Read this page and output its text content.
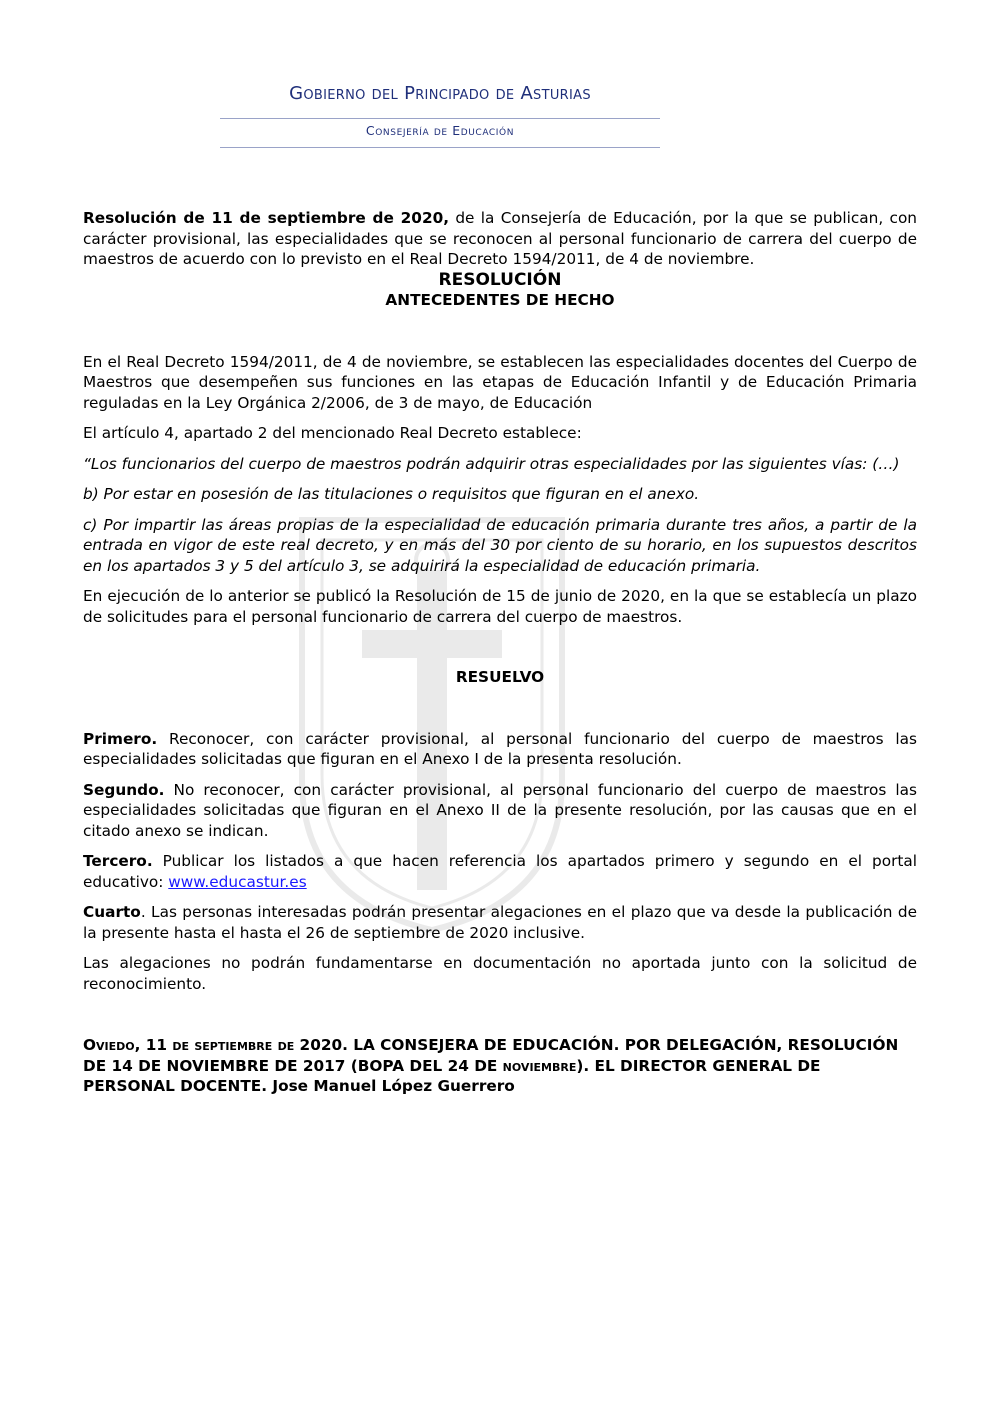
Gobierno del Principado de Asturias

Consejería de Educación

Resolución de 11 de septiembre de 2020, de la Consejería de Educación, por la que se publican, con carácter provisional, las especialidades que se reconocen al personal funcionario de carrera del cuerpo de maestros de acuerdo con lo previsto en el Real Decreto 1594/2011, de 4 de noviembre.

RESOLUCIÓN

ANTECEDENTES DE HECHO

En el Real Decreto 1594/2011, de 4 de noviembre, se establecen las especialidades docentes del Cuerpo de Maestros que desempeñen sus funciones en las etapas de Educación Infantil y de Educación Primaria reguladas en la Ley Orgánica 2/2006, de 3 de mayo, de Educación

El artículo 4, apartado 2 del mencionado Real Decreto establece:

“Los funcionarios del cuerpo de maestros podrán adquirir otras especialidades por las siguientes vías: (…)

b) Por estar en posesión de las titulaciones o requisitos que figuran en el anexo.

c) Por impartir las áreas propias de la especialidad de educación primaria durante tres años, a partir de la entrada en vigor de este real decreto, y en más del 30 por ciento de su horario, en los supuestos descritos en los apartados 3 y 5 del artículo 3, se adquirirá la especialidad de educación primaria.

En ejecución de lo anterior se publicó la Resolución de 15 de junio de 2020, en la que se establecía un plazo de solicitudes para el personal funcionario de carrera del cuerpo de maestros.

RESUELVO

Primero. Reconocer, con carácter provisional, al personal funcionario del cuerpo de maestros las especialidades solicitadas que figuran en el Anexo I de la presenta resolución.

Segundo. No reconocer, con carácter provisional, al personal funcionario del cuerpo de maestros las especialidades solicitadas que figuran en el Anexo II de la presente resolución, por las causas que en el citado anexo se indican.

Tercero. Publicar los listados a que hacen referencia los apartados primero y segundo en el portal educativo: www.educastur.es

Cuarto. Las personas interesadas podrán presentar alegaciones en el plazo que va desde la publicación de la presente hasta el hasta el 26 de septiembre de 2020 inclusive.

Las alegaciones no podrán fundamentarse en documentación no aportada junto con la solicitud de reconocimiento.

Oviedo, 11 de septiembre de 2020. LA CONSEJERA DE EDUCACIÓN. POR DELEGACIÓN, RESOLUCIÓN DE 14 DE NOVIEMBRE DE 2017 (BOPA DEL 24 DE noviembre). EL DIRECTOR GENERAL DE PERSONAL DOCENTE. Jose Manuel López Guerrero
